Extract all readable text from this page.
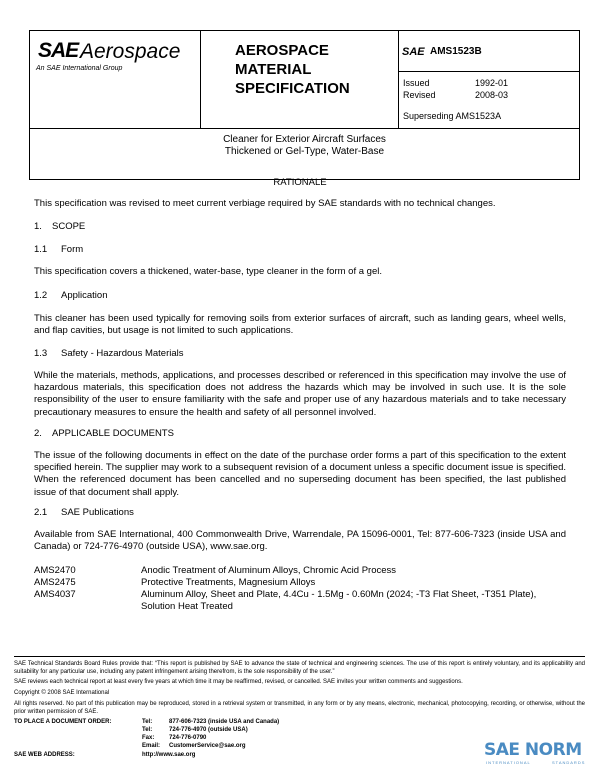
SAE Aerospace
An SAE International Group
AEROSPACE
MATERIAL
SPECIFICATION
SAE AMS1523B
Issued	1992-01
Revised	2008-03
Superseding AMS1523A
Cleaner for Exterior Aircraft Surfaces
Thickened or Gel-Type, Water-Base
RATIONALE
This specification was revised to meet current verbiage required by SAE standards with no technical changes.
1. SCOPE
1.1 Form
This specification covers a thickened, water-base, type cleaner in the form of a gel.
1.2 Application
This cleaner has been used typically for removing soils from exterior surfaces of aircraft, such as landing gears, wheel wells, and flap cavities, but usage is not limited to such applications.
1.3 Safety - Hazardous Materials
While the materials, methods, applications, and processes described or referenced in this specification may involve the use of hazardous materials, this specification does not address the hazards which may be involved in such use. It is the sole responsibility of the user to ensure familiarity with the safe and proper use of any hazardous materials and to take necessary precautionary measures to ensure the health and safety of all personnel involved.
2. APPLICABLE DOCUMENTS
The issue of the following documents in effect on the date of the purchase order forms a part of this specification to the extent specified herein. The supplier may work to a subsequent revision of a document unless a specific document issue is specified. When the referenced document has been cancelled and no superseding document has been specified, the last published issue of that document shall apply.
2.1 SAE Publications
Available from SAE International, 400 Commonwealth Drive, Warrendale, PA 15096-0001, Tel: 877-606-7323 (inside USA and Canada) or 724-776-4970 (outside USA), www.sae.org.
AMS2470	Anodic Treatment of Aluminum Alloys, Chromic Acid Process
AMS2475	Protective Treatments, Magnesium Alloys
AMS4037	Aluminum Alloy, Sheet and Plate, 4.4Cu - 1.5Mg - 0.60Mn (2024; -T3 Flat Sheet, -T351 Plate), Solution Heat Treated
SAE Technical Standards Board Rules provide that: “This report is published by SAE to advance the state of technical and engineering sciences. The use of this report is entirely voluntary, and its applicability and suitability for any particular use, including any patent infringement arising therefrom, is the sole responsibility of the user.”
SAE reviews each technical report at least every five years at which time it may be reaffirmed, revised, or cancelled. SAE invites your written comments and suggestions.
Copyright © 2008 SAE International
All rights reserved. No part of this publication may be reproduced, stored in a retrieval system or transmitted, in any form or by any means, electronic, mechanical, photocopying, recording, or otherwise, without the prior written permission of SAE.
TO PLACE A DOCUMENT ORDER:	Tel:	877-606-7323 (inside USA and Canada)
Tel:	724-776-4970 (outside USA)
Fax: 724-776-0790
Email: CustomerService@sae.org
SAE WEB ADDRESS:	http://www.sae.org	SAE NORM
INTERNATIONAL	STANDARDS
